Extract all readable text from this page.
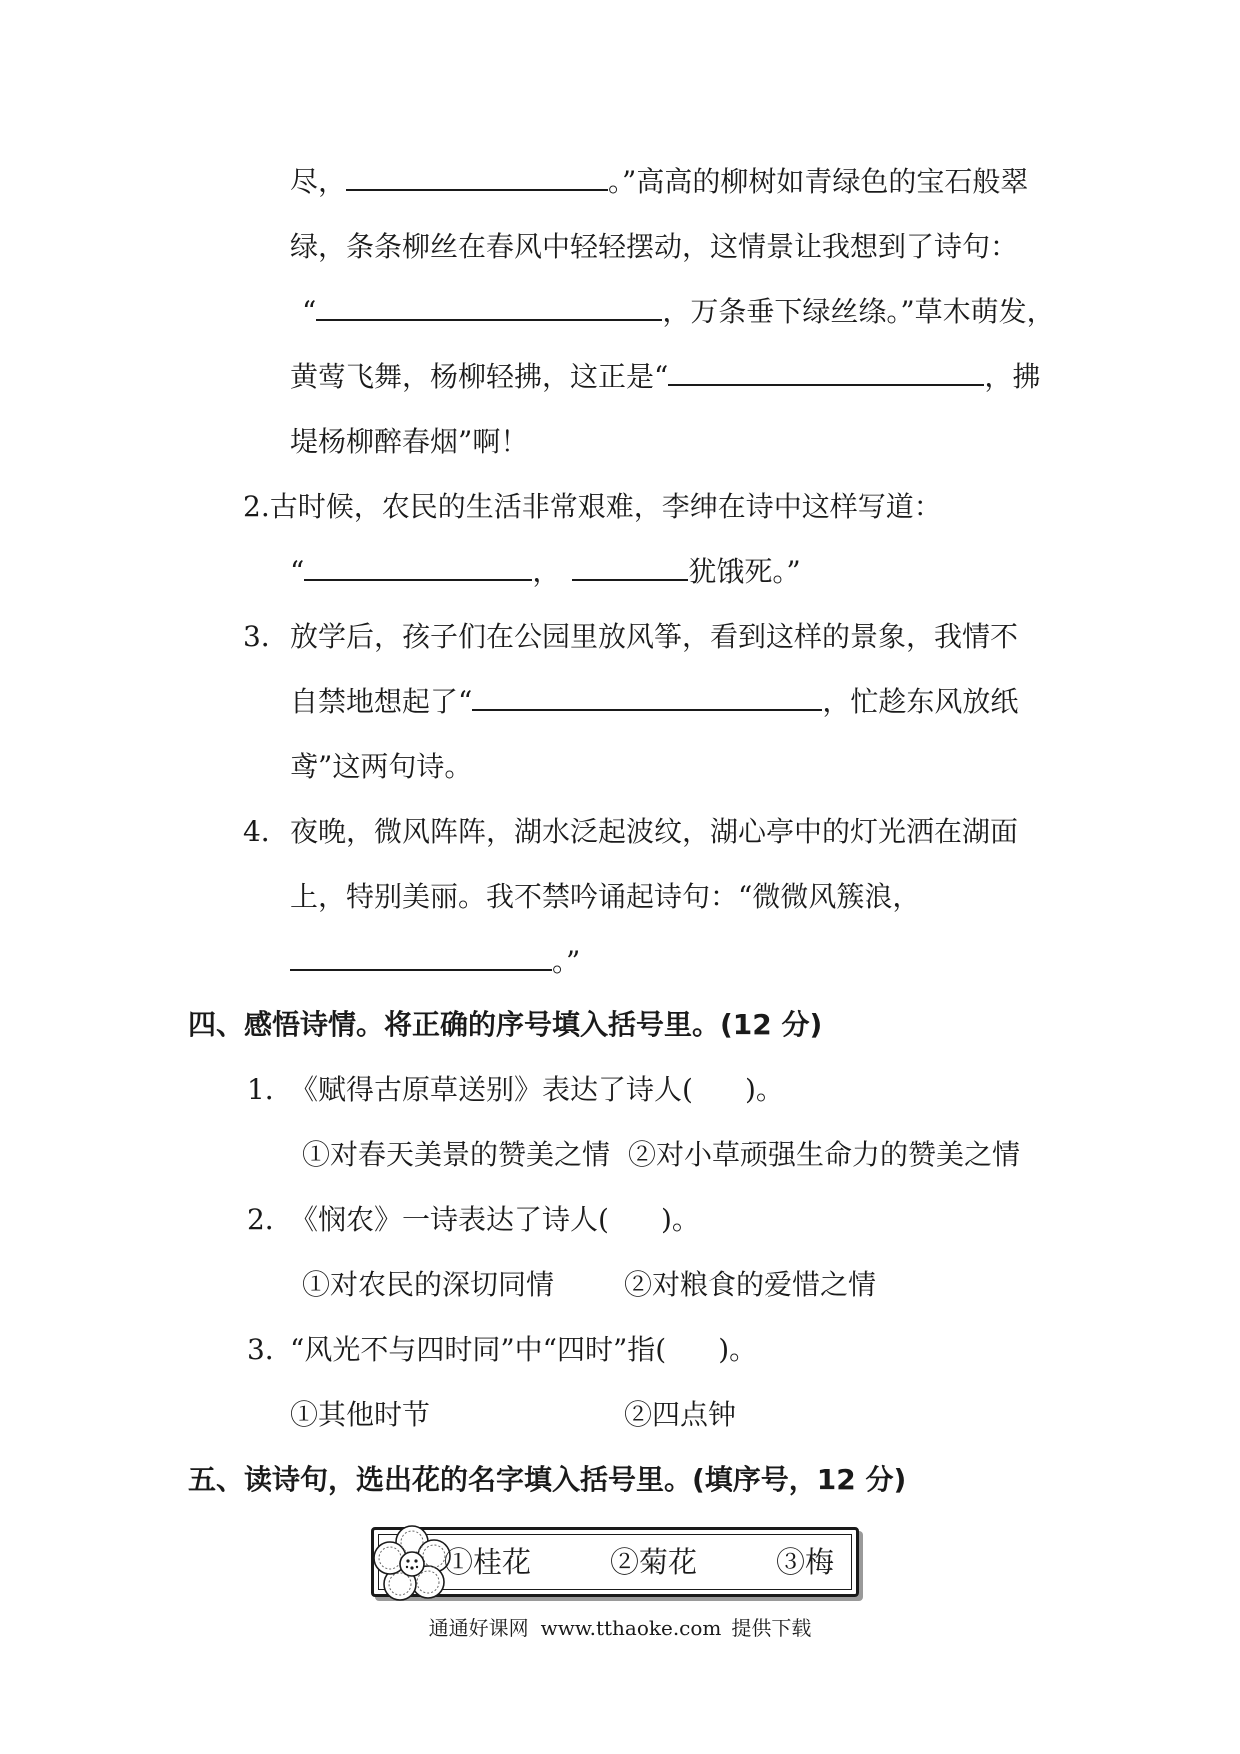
尽，	。”高高的柳树如青绿色的宝石般翠
绿，条条柳丝在春风中轻轻摆动，这情景让我想到了诗句：
“	，万条垂下绿丝绦。”草木萌发，
黄莺飞舞，杨柳轻拂，这正是“	，拂
堤杨柳醉春烟”啊！
2.古时候，农民的生活非常艰难，李绅在诗中这样写道：
“	，	犹饿死。”
3．放学后，孩子们在公园里放风筝，看到这样的景象，我情不
自禁地想起了“	，忙趁东风放纸
鸢”这两句诗。
4．夜晚，微风阵阵，湖水泛起波纹，湖心亭中的灯光洒在湖面
上，特别美丽。我不禁吟诵起诗句：“微微风簇浪，
。”
四、感悟诗情。将正确的序号填入括号里。(12 分)
1．《赋得古原草送别》表达了诗人( )。
①对春天美景的赞美之情 ②对小草顽强生命力的赞美之情
2．《悯农》一诗表达了诗人( )。
①对农民的深切同情 ②对粮食的爱惜之情
3．“风光不与四时同”中“四时”指( )。
①其他时节	②四点钟
五、读诗句，选出花的名字填入括号里。(填序号，12 分)
①桂花	②菊花	③梅
通通好课网 www.tthaoke.com 提供下载
